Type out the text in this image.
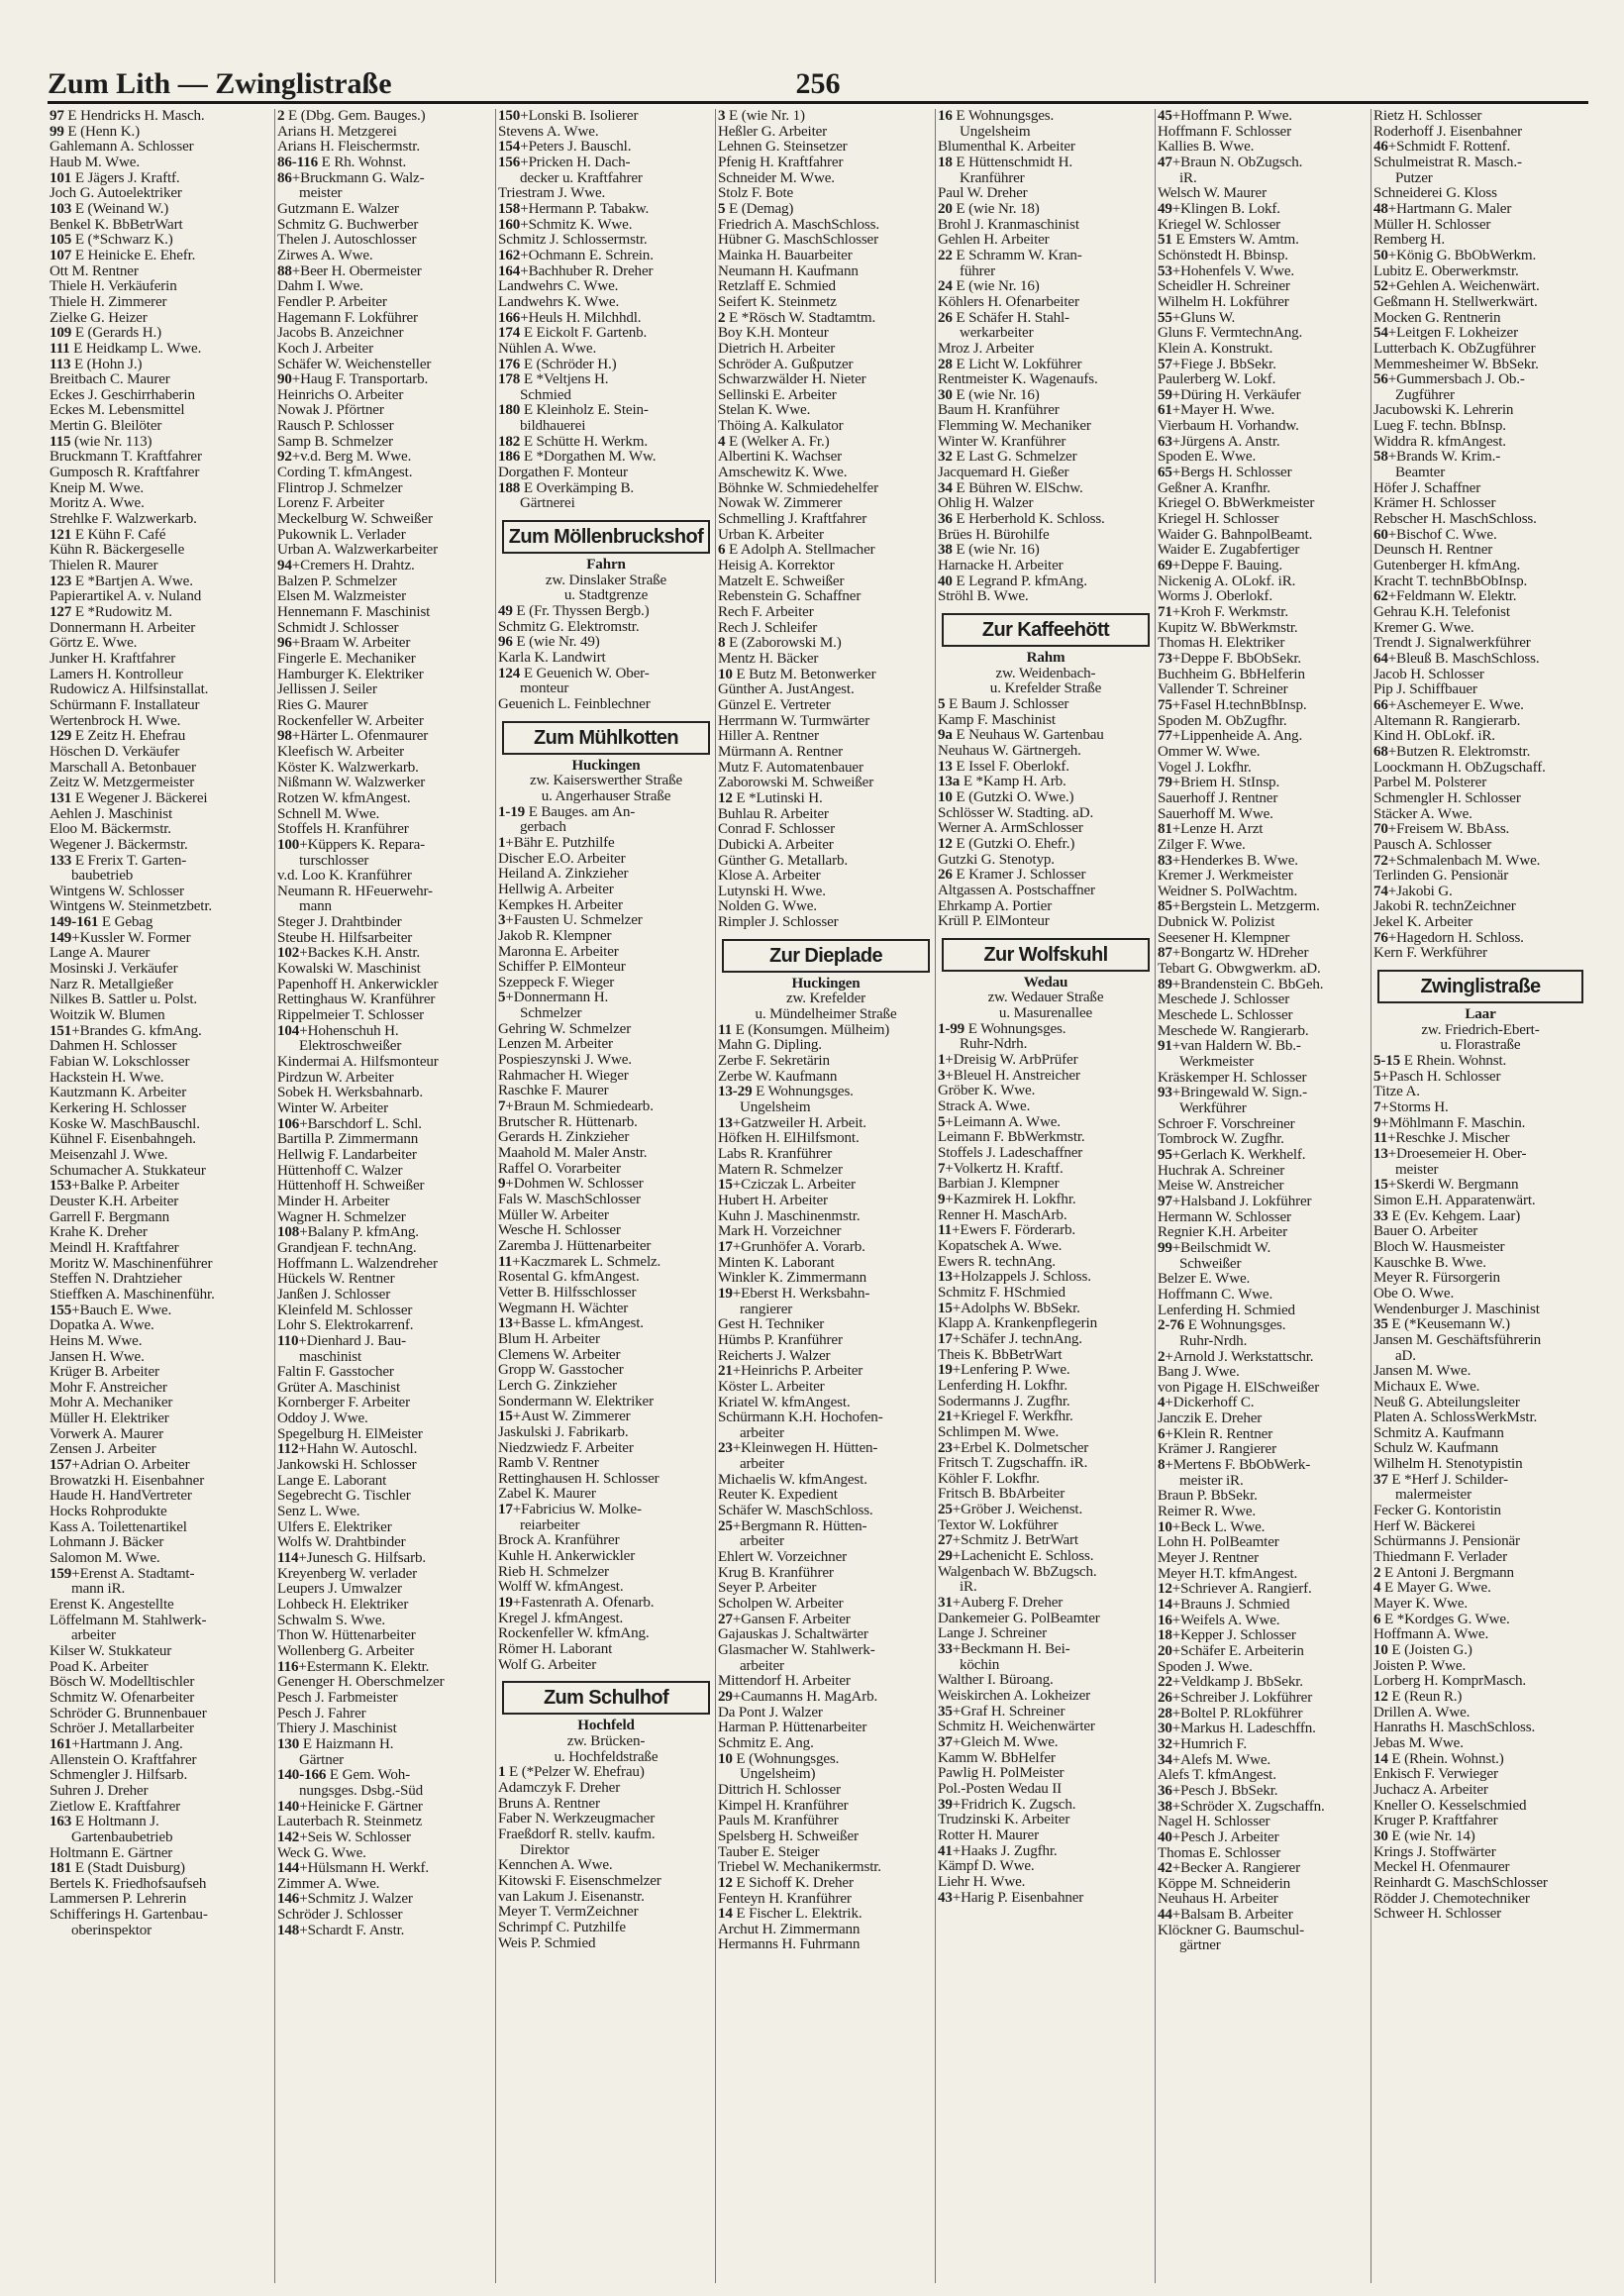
Zum Lith — Zwinglistraße	256
97 E Hendricks H. Masch.
99 E (Henn K.)
Gahlemann A. Schlosser
Haub M. Wwe.
101 E Jägers J. Kraftf.
Joch G. Autoelektriker
103 E (Weinand W.)
Benkel K. BbBetrWart
105 E (*Schwarz K.)
107 E Heinicke E. Ehefr.
Ott M. Rentner
Thiele H. Verkäuferin
Thiele H. Zimmerer
Zielke G. Heizer
109 E (Gerards H.)
111 E Heidkamp L. Wwe.
113 E (Hohn J.)
Breitbach C. Maurer
Eckes J. Geschirrhaberin
Eckes M. Lebensmittel
Mertin G. Bleilöter
115 (wie Nr. 113)
Bruckmann T. Kraftfahrer
Gumposch R. Kraftfahrer
Kneip M. Wwe.
Moritz A. Wwe.
Strehlke F. Walzwerkarb.
121 E Kühn F. Café
Kühn R. Bäckergeselle
Thielen R. Maurer
123 E *Bartjen A. Wwe.
Papierartikel A. v. Nuland
127 E *Rudowitz M.
Donnermann H. Arbeiter
Görtz E. Wwe.
Junker H. Kraftfahrer
Lamers H. Kontrolleur
Rudowicz A. Hilfsinstallat.
Schürmann F. Installateur
Wertenbrock H. Wwe.
129 E Zeitz H. Ehefrau
Höschen D. Verkäufer
Marschall A. Betonbauer
Zeitz W. Metzgermeister
131 E Wegener J. Bäckerei
Aehlen J. Maschinist
Eloo M. Bäckermstr.
Wegener J. Bäckermstr.
133 E Frerix T. Garten-
baubetrieb
Wintgens W. Schlosser
Wintgens W. Steinmetzbetr.
149-161 E Gebag
149+Kussler W. Former
Lange A. Maurer
Mosinski J. Verkäufer
Narz R. Metallgießer
Nilkes B. Sattler u. Polst.
Woitzik W. Blumen
151+Brandes G. kfmAng.
Dahmen H. Schlosser
Fabian W. Lokschlosser
Hackstein H. Wwe.
Kautzmann K. Arbeiter
Kerkering H. Schlosser
Koske W. MaschBauschl.
Kühnel F. Eisenbahngeh.
Meisenzahl J. Wwe.
Schumacher A. Stukkateur
153+Balke P. Arbeiter
Deuster K.H. Arbeiter
Garrell F. Bergmann
Krahe K. Dreher
Meindl H. Kraftfahrer
Moritz W. Maschinenführer
Steffen N. Drahtzieher
Stieffken A. Maschinenführ.
155+Bauch E. Wwe.
Dopatka A. Wwe.
Heins M. Wwe.
Jansen H. Wwe.
Krüger B. Arbeiter
Mohr F. Anstreicher
Mohr A. Mechaniker
Müller H. Elektriker
Vorwerk A. Maurer
Zensen J. Arbeiter
157+Adrian O. Arbeiter
Browatzki H. Eisenbahner
Haude H. HandVertreter
Hocks Rohprodukte
Kass A. Toilettenartikel
Lohmann J. Bäcker
Salomon M. Wwe.
159+Erenst A. Stadtamt-
mann iR.
Erenst K. Angestellte
Löffelmann M. Stahlwerk-
arbeiter
Kilser W. Stukkateur
Poad K. Arbeiter
Bösch W. Modelltischler
Schmitz W. Ofenarbeiter
Schröder G. Brunnenbauer
Schröer J. Metallarbeiter
161+Hartmann J. Ang.
Allenstein O. Kraftfahrer
Schmengler J. Hilfsarb.
Suhren J. Dreher
Zietlow E. Kraftfahrer
163 E Holtmann J.
Gartenbaubetrieb
Holtmann E. Gärtner
181 E (Stadt Duisburg)
Bertels K. Friedhofsaufseh
Lammersen P. Lehrerin
Schifferings H. Gartenbau-
oberinspektor
2 E (Dbg. Gem. Bauges.)
Arians H. Metzgerei
Arians H. Fleischermstr.
86-116 E Rh. Wohnst.
86+Bruckmann G. Walz-
meister
Gutzmann E. Walzer
Schmitz G. Buchwerber
Thelen J. Autoschlosser
Zirwes A. Wwe.
88+Beer H. Obermeister
Dahm I. Wwe.
Fendler P. Arbeiter
Hagemann F. Lokführer
Jacobs B. Anzeichner
Koch J. Arbeiter
Schäfer W. Weichensteller
90+Haug F. Transportarb.
Heinrichs O. Arbeiter
Nowak J. Pförtner
Rausch P. Schlosser
Samp B. Schmelzer
92+v.d. Berg M. Wwe.
Cording T. kfmAngest.
Flintrop J. Schmelzer
Lorenz F. Arbeiter
Meckelburg W. Schweißer
Pukownik L. Verlader
Urban A. Walzwerkarbeiter
94+Cremers H. Drahtz.
Balzen P. Schmelzer
Elsen M. Walzmeister
Hennemann F. Maschinist
Schmidt J. Schlosser
96+Braam W. Arbeiter
Fingerle E. Mechaniker
Hamburger K. Elektriker
Jellissen J. Seiler
Ries G. Maurer
Rockenfeller W. Arbeiter
98+Härter L. Ofenmaurer
Kleefisch W. Arbeiter
Köster K. Walzwerkarb.
Nißmann W. Walzwerker
Rotzen W. kfmAngest.
Schnell M. Wwe.
Stoffels H. Kranführer
100+Küppers K. Repara-
turschlosser
v.d. Loo K. Kranführer
Neumann R. HFeuerwehr-
mann
Steger J. Drahtbinder
Steube H. Hilfsarbeiter
102+Backes K.H. Anstr.
Kowalski W. Maschinist
Papenhoff H. Ankerwickler
Rettinghaus W. Kranführer
Rippelmeier T. Schlosser
104+Hohenschuh H.
Elektroschweißer
Kindermai A. Hilfsmonteur
Pirdzun W. Arbeiter
Sobek H. Werksbahnarb.
Winter W. Arbeiter
106+Barschdorf L. Schl.
Bartilla P. Zimmermann
Hellwig F. Landarbeiter
Hüttenhoff C. Walzer
Hüttenhoff H. Schweißer
Minder H. Arbeiter
Wagner H. Schmelzer
108+Balany P. kfmAng.
Grandjean F. technAng.
Hoffmann L. Walzendreher
Hückels W. Rentner
Janßen J. Schlosser
Kleinfeld M. Schlosser
Lohr S. Elektrokarrenf.
110+Dienhard J. Bau-
maschinist
Faltin F. Gasstocher
Grüter A. Maschinist
Kornberger F. Arbeiter
Oddoy J. Wwe.
Spegelburg H. ElMeister
112+Hahn W. Autoschl.
Jankowski H. Schlosser
Lange E. Laborant
Segebrecht G. Tischler
Senz L. Wwe.
Ulfers E. Elektriker
Wolfs W. Drahtbinder
114+Junesch G. Hilfsarb.
Kreyenberg W. verlader
Leupers J. Umwalzer
Lohbeck H. Elektriker
Schwalm S. Wwe.
Thon W. Hüttenarbeiter
Wollenberg G. Arbeiter
116+Estermann K. Elektr.
Genenger H. Oberschmelzer
Pesch J. Farbmeister
Pesch J. Fahrer
Thiery J. Maschinist
130 E Haizmann H.
Gärtner
140-166 E Gem. Woh-
nungsges. Dsbg.-Süd
140+Heinicke F. Gärtner
Lauterbach R. Steinmetz
142+Seis W. Schlosser
Weck G. Wwe.
144+Hülsmann H. Werkf.
Zimmer A. Wwe.
146+Schmitz J. Walzer
Schröder J. Schlosser
148+Schardt F. Anstr.
150+Lonski B. Isolierer
Stevens A. Wwe.
154+Peters J. Bauschl.
156+Pricken H. Dach-
decker u. Kraftfahrer
Triestram J. Wwe.
158+Hermann P. Tabakw.
160+Schmitz K. Wwe.
Schmitz J. Schlossermstr.
162+Ochmann E. Schrein.
164+Bachhuber R. Dreher
Landwehrs C. Wwe.
Landwehrs K. Wwe.
166+Heuls H. Milchhdl.
174 E Eickolt F. Gartenb.
Nühlen A. Wwe.
176 E (Schröder H.)
178 E *Veltjens H.
Schmied
180 E Kleinholz E. Stein-
bildhauerei
182 E Schütte H. Werkm.
186 E *Dorgathen M. Ww.
Dorgathen F. Monteur
188 E Overkämping B.
Gärtnerei
Zum Möllenbruckshof
Fahrn
zw. Dinslaker Straße
u. Stadtgrenze
49 E (Fr. Thyssen Bergb.)
Schmitz G. Elektromstr.
96 E (wie Nr. 49)
Karla K. Landwirt
124 E Geuenich W. Ober-
monteur
Geuenich L. Feinblechner
Zum Mühlkotten
Huckingen
zw. Kaiserswerther Straße
u. Angerhauser Straße
1-19 E Bauges. am An-
gerbach
1+Bähr E. Putzhilfe
Discher E.O. Arbeiter
Heiland A. Zinkzieher
Hellwig A. Arbeiter
Kempkes H. Arbeiter
3+Fausten U. Schmelzer
Jakob R. Klempner
Maronna E. Arbeiter
Schiffer P. ElMonteur
Szeppeck F. Wieger
5+Donnermann H.
Schmelzer
Gehring W. Schmelzer
Lenzen M. Arbeiter
Pospieszynski J. Wwe.
Rahmacher H. Wieger
Raschke F. Maurer
7+Braun M. Schmiedearb.
Brutscher R. Hüttenarb.
Gerards H. Zinkzieher
Maahold M. Maler Anstr.
Raffel O. Vorarbeiter
9+Dohmen W. Schlosser
Fals W. MaschSchlosser
Müller W. Arbeiter
Wesche H. Schlosser
Zaremba J. Hüttenarbeiter
11+Kaczmarek L. Schmelz.
Rosental G. kfmAngest.
Vetter B. Hilfsschlosser
Wegmann H. Wächter
13+Basse L. kfmAngest.
Blum H. Arbeiter
Clemens W. Arbeiter
Gropp W. Gasstocher
Lerch G. Zinkzieher
Sondermann W. Elektriker
15+Aust W. Zimmerer
Jaskulski J. Fabrikarb.
Niedzwiedz F. Arbeiter
Ramb V. Rentner
Rettinghausen H. Schlosser
Zabel K. Maurer
17+Fabricius W. Molke-
reiarbeiter
Brock A. Kranführer
Kuhle H. Ankerwickler
Rieb H. Schmelzer
Wolff W. kfmAngest.
19+Fastenrath A. Ofenarb.
Kregel J. kfmAngest.
Rockenfeller W. kfmAng.
Römer H. Laborant
Wolf G. Arbeiter
Zum Schulhof
Hochfeld
zw. Brücken-
u. Hochfeldstraße
1 E (*Pelzer W. Ehefrau)
Adamczyk F. Dreher
Bruns A. Rentner
Faber N. Werkzeugmacher
Fraeßdorf R. stellv. kaufm.
Direktor
Kennchen A. Wwe.
Kitowski F. Eisenschmelzer
van Lakum J. Eisenanstr.
Meyer T. VermZeichner
Schrimpf C. Putzhilfe
Weis P. Schmied
3 E (wie Nr. 1)
Heßler G. Arbeiter
Lehnen G. Steinsetzer
Pfenig H. Kraftfahrer
Schneider M. Wwe.
Stolz F. Bote
5 E (Demag)
Friedrich A. MaschSchloss.
Hübner G. MaschSchlosser
Mainka H. Bauarbeiter
Neumann H. Kaufmann
Retzlaff E. Schmied
Seifert K. Steinmetz
2 E *Rösch W. Stadtamtm.
Boy K.H. Monteur
Dietrich H. Arbeiter
Schröder A. Gußputzer
Schwarzwälder H. Nieter
Sellinski E. Arbeiter
Stelan K. Wwe.
Thöing A. Kalkulator
4 E (Welker A. Fr.)
Albertini K. Wachser
Amschewitz K. Wwe.
Böhnke W. Schmiedehelfer
Nowak W. Zimmerer
Schmelling J. Kraftfahrer
Urban K. Arbeiter
6 E Adolph A. Stellmacher
Heisig A. Korrektor
Matzelt E. Schweißer
Rebenstein G. Schaffner
Rech F. Arbeiter
Rech J. Schleifer
8 E (Zaborowski M.)
Mentz H. Bäcker
10 E Butz M. Betonwerker
Günther A. JustAngest.
Günzel E. Vertreter
Herrmann W. Turmwärter
Hiller A. Rentner
Mürmann A. Rentner
Mutz F. Automatenbauer
Zaborowski M. Schweißer
12 E *Lutinski H.
Buhlau R. Arbeiter
Conrad F. Schlosser
Dubicki A. Arbeiter
Günther G. Metallarb.
Klose A. Arbeiter
Lutynski H. Wwe.
Nolden G. Wwe.
Rimpler J. Schlosser
Zur Dieplade
Huckingen
zw. Krefelder
u. Mündelheimer Straße
11 E (Konsumgen. Mülheim)
Mahn G. Dipling.
Zerbe F. Sekretärin
Zerbe W. Kaufmann
13-29 E Wohnungsges.
Ungelsheim
13+Gatzweiler H. Arbeit.
Höfken H. ElHilfsmont.
Labs R. Kranführer
Matern R. Schmelzer
15+Cziczak L. Arbeiter
Hubert H. Arbeiter
Kuhn J. Maschinenmstr.
Mark H. Vorzeichner
17+Grunhöfer A. Vorarb.
Minten K. Laborant
Winkler K. Zimmermann
19+Eberst H. Werksbahn-
rangierer
Gest H. Techniker
Hümbs P. Kranführer
Reicherts J. Walzer
21+Heinrichs P. Arbeiter
Köster L. Arbeiter
Kriatel W. kfmAngest.
Schürmann K.H. Hochofen-
arbeiter
23+Kleinwegen H. Hütten-
arbeiter
Michaelis W. kfmAngest.
Reuter K. Expedient
Schäfer W. MaschSchloss.
25+Bergmann R. Hütten-
arbeiter
Ehlert W. Vorzeichner
Krug B. Kranführer
Seyer P. Arbeiter
Scholpen W. Arbeiter
27+Gansen F. Arbeiter
Gajauskas J. Schaltwärter
Glasmacher W. Stahlwerk-
arbeiter
Mittendorf H. Arbeiter
29+Caumanns H. MagArb.
Da Pont J. Walzer
Harman P. Hüttenarbeiter
Schmitz E. Ang.
10 E (Wohnungsges.
Ungelsheim)
Dittrich H. Schlosser
Kimpel H. Kranführer
Pauls M. Kranführer
Spelsberg H. Schweißer
Tauber E. Steiger
Triebel W. Mechanikermstr.
12 E Sichoff K. Dreher
Fenteyn H. Kranführer
14 E Fischer L. Elektrik.
Archut H. Zimmermann
Hermanns H. Fuhrmann
16 E Wohnungsges.
Ungelsheim
Blumenthal K. Arbeiter
18 E Hüttenschmidt H.
Kranführer
Paul W. Dreher
20 E (wie Nr. 18)
Brohl J. Kranmaschinist
Gehlen H. Arbeiter
22 E Schramm W. Kran-
führer
24 E (wie Nr. 16)
Köhlers H. Ofenarbeiter
26 E Schäfer H. Stahl-
werkarbeiter
Mroz J. Arbeiter
28 E Licht W. Lokführer
Rentmeister K. Wagenaufs.
30 E (wie Nr. 16)
Baum H. Kranführer
Flemming W. Mechaniker
Winter W. Kranführer
32 E Last G. Schmelzer
Jacquemard H. Gießer
34 E Bühren W. ElSchw.
Ohlig H. Walzer
36 E Herberhold K. Schloss.
Brües H. Bürohilfe
38 E (wie Nr. 16)
Harnacke H. Arbeiter
40 E Legrand P. kfmAng.
Ströhl B. Wwe.
Zur Kaffeehött
Rahm
zw. Weidenbach-
u. Krefelder Straße
5 E Baum J. Schlosser
Kamp F. Maschinist
9a E Neuhaus W. Gartenbau
Neuhaus W. Gärtnergeh.
13 E Issel F. Oberlokf.
13a E *Kamp H. Arb.
10 E (Gutzki O. Wwe.)
Schlösser W. Stadting. aD.
Werner A. ArmSchlosser
12 E (Gutzki O. Ehefr.)
Gutzki G. Stenotyp.
26 E Kramer J. Schlosser
Altgassen A. Postschaffner
Ehrkamp A. Portier
Krüll P. ElMonteur
Zur Wolfskuhl
Wedau
zw. Wedauer Straße
u. Masurenallee
1-99 E Wohnungsges.
Ruhr-Ndrh.
1+Dreisig W. ArbPrüfer
3+Bleuel H. Anstreicher
Gröber K. Wwe.
Strack A. Wwe.
5+Leimann A. Wwe.
Leimann F. BbWerkmstr.
Stoffels J. Ladeschaffner
7+Volkertz H. Kraftf.
Barbian J. Klempner
9+Kazmirek H. Lokfhr.
Renner H. MaschArb.
11+Ewers F. Förderarb.
Kopatschek A. Wwe.
Ewers R. technAng.
13+Holzappels J. Schloss.
Schmitz F. HSchmied
15+Adolphs W. BbSekr.
Klapp A. Krankenpflegerin
17+Schäfer J. technAng.
Theis K. BbBetrWart
19+Lenfering P. Wwe.
Lenferding H. Lokfhr.
Sodermanns J. Zugfhr.
21+Kriegel F. Werkfhr.
Schlimpen M. Wwe.
23+Erbel K. Dolmetscher
Fritsch T. Zugschaffn. iR.
Köhler F. Lokfhr.
Fritsch B. BbArbeiter
25+Gröber J. Weichenst.
Textor W. Lokführer
27+Schmitz J. BetrWart
29+Lachenicht E. Schloss.
Walgenbach W. BbZugsch.
iR.
31+Auberg F. Dreher
Dankemeier G. PolBeamter
Lange J. Schreiner
33+Beckmann H. Bei-
köchin
Walther I. Büroang.
Weiskirchen A. Lokheizer
35+Graf H. Schreiner
Schmitz H. Weichenwärter
37+Gleich M. Wwe.
Kamm W. BbHelfer
Pawlig H. PolMeister
Pol.-Posten Wedau II
39+Fridrich K. Zugsch.
Trudzinski K. Arbeiter
Rotter H. Maurer
41+Haaks J. Zugfhr.
Kämpf D. Wwe.
Liehr H. Wwe.
43+Harig P. Eisenbahner
45+Hoffmann P. Wwe.
Hoffmann F. Schlosser
Kallies B. Wwe.
47+Braun N. ObZugsch.
iR.
Welsch W. Maurer
49+Klingen B. Lokf.
Kriegel W. Schlosser
51 E Emsters W. Amtm.
Schönstedt H. Bbinsp.
53+Hohenfels V. Wwe.
Scheidler H. Schreiner
Wilhelm H. Lokführer
55+Gluns W.
Gluns F. VermtechnAng.
Klein A. Konstrukt.
57+Fiege J. BbSekr.
Paulerberg W. Lokf.
59+Düring H. Verkäufer
61+Mayer H. Wwe.
Vierbaum H. Vorhandw.
63+Jürgens A. Anstr.
Spoden E. Wwe.
65+Bergs H. Schlosser
Geßner A. Kranfhr.
Kriegel O. BbWerkmeister
Kriegel H. Schlosser
Waider G. BahnpolBeamt.
Waider E. Zugabfertiger
69+Deppe F. Bauing.
Nickenig A. OLokf. iR.
Worms J. Oberlokf.
71+Kroh F. Werkmstr.
Kupitz W. BbWerkmstr.
Thomas H. Elektriker
73+Deppe F. BbObSekr.
Buchheim G. BbHelferin
Vallender T. Schreiner
75+Fasel H.technBbInsp.
Spoden M. ObZugfhr.
77+Lippenheide A. Ang.
Ommer W. Wwe.
Vogel J. Lokfhr.
79+Briem H. StInsp.
Sauerhoff J. Rentner
Sauerhoff M. Wwe.
81+Lenze H. Arzt
Zilger F. Wwe.
83+Henderkes B. Wwe.
Kremer J. Werkmeister
Weidner S. PolWachtm.
85+Bergstein L. Metzgerm.
Dubnick W. Polizist
Seesener H. Klempner
87+Bongartz W. HDreher
Tebart G. Obwgwerkm. aD.
89+Brandenstein C. BbGeh.
Meschede J. Schlosser
Meschede L. Schlosser
Meschede W. Rangierarb.
91+van Haldern W. Bb.-
Werkmeister
Kräskemper H. Schlosser
93+Bringewald W. Sign.-
Werkführer
Schroer F. Vorschreiner
Tombrock W. Zugfhr.
95+Gerlach K. Werkhelf.
Huchrak A. Schreiner
Meise W. Anstreicher
97+Halsband J. Lokführer
Hermann W. Schlosser
Regnier K.H. Arbeiter
99+Beilschmidt W.
Schweißer
Belzer E. Wwe.
Hoffmann C. Wwe.
Lenferding H. Schmied
2-76 E Wohnungsges.
Ruhr-Nrdh.
2+Arnold J. Werkstattschr.
Bang J. Wwe.
von Pigage H. ElSchweißer
4+Dickerhoff C.
Janczik E. Dreher
6+Klein R. Rentner
Krämer J. Rangierer
8+Mertens F. BbObWerk-
meister iR.
Braun P. BbSekr.
Reimer R. Wwe.
10+Beck L. Wwe.
Lohn H. PolBeamter
Meyer J. Rentner
Meyer H.T. kfmAngest.
12+Schriever A. Rangierf.
14+Brauns J. Schmied
16+Weifels A. Wwe.
18+Kepper J. Schlosser
20+Schäfer E. Arbeiterin
Spoden J. Wwe.
22+Veldkamp J. BbSekr.
26+Schreiber J. Lokführer
28+Boltel P. RLokführer
30+Markus H. Ladeschffn.
32+Humrich F.
34+Alefs M. Wwe.
Alefs T. kfmAngest.
36+Pesch J. BbSekr.
38+Schröder X. Zugschaffn.
Nagel H. Schlosser
40+Pesch J. Arbeiter
Thomas E. Schlosser
42+Becker A. Rangierer
Köppe M. Schneiderin
Neuhaus H. Arbeiter
44+Balsam B. Arbeiter
Klöckner G. Baumschul-
gärtner
Rietz H. Schlosser
Roderhoff J. Eisenbahner
46+Schmidt F. Rottenf.
Schulmeistrat R. Masch.-
Putzer
Schneiderei G. Kloss
48+Hartmann G. Maler
Müller H. Schlosser
Remberg H.
50+König G. BbObWerkm.
Lubitz E. Oberwerkmstr.
52+Gehlen A. Weichenwärt.
Geßmann H. Stellwerkwärt.
Mocken G. Rentnerin
54+Leitgen F. Lokheizer
Lutterbach K. ObZugführer
Memmesheimer W. BbSekr.
56+Gummersbach J. Ob.-
Zugführer
Jacubowski K. Lehrerin
Lueg F. techn. BbInsp.
Widdra R. kfmAngest.
58+Brands W. Krim.-
Beamter
Höfer J. Schaffner
Krämer H. Schlosser
Rebscher H. MaschSchloss.
60+Bischof C. Wwe.
Deunsch H. Rentner
Gutenberger H. kfmAng.
Kracht T. technBbObInsp.
62+Feldmann W. Elektr.
Gehrau K.H. Telefonist
Kremer G. Wwe.
Trendt J. Signalwerkführer
64+Bleuß B. MaschSchloss.
Jacob H. Schlosser
Pip J. Schiffbauer
66+Aschemeyer E. Wwe.
Altemann R. Rangierarb.
Kind H. ObLokf. iR.
68+Butzen R. Elektromstr.
Loockmann H. ObZugschaff.
Parbel M. Polsterer
Schmengler H. Schlosser
Stäcker A. Wwe.
70+Freisem W. BbAss.
Pausch A. Schlosser
72+Schmalenbach M. Wwe.
Terlinden G. Pensionär
74+Jakobi G.
Jakobi R. technZeichner
Jekel K. Arbeiter
76+Hagedorn H. Schloss.
Kern F. Werkführer
Zwinglistraße
Laar
zw. Friedrich-Ebert-
u. Florastraße
5-15 E Rhein. Wohnst.
5+Pasch H. Schlosser
Titze A.
7+Storms H.
9+Möhlmann F. Maschin.
11+Reschke J. Mischer
13+Droesemeier H. Ober-
meister
15+Skerdi W. Bergmann
Simon E.H. Apparatenwärt.
33 E (Ev. Kehgem. Laar)
Bauer O. Arbeiter
Bloch W. Hausmeister
Kauschke B. Wwe.
Meyer R. Fürsorgerin
Obe O. Wwe.
Wendenburger J. Maschinist
35 E (*Keusemann W.)
Jansen M. Geschäftsführerin
aD.
Jansen M. Wwe.
Michaux E. Wwe.
Neuß G. Abteilungsleiter
Platen A. SchlossWerkMstr.
Schmitz A. Kaufmann
Schulz W. Kaufmann
Wilhelm H. Stenotypistin
37 E *Herf J. Schilder-
malermeister
Fecker G. Kontoristin
Herf W. Bäckerei
Schürmanns J. Pensionär
Thiedmann F. Verlader
2 E Antoni J. Bergmann
4 E Mayer G. Wwe.
Mayer K. Wwe.
6 E *Kordges G. Wwe.
Hoffmann A. Wwe.
10 E (Joisten G.)
Joisten P. Wwe.
Lorberg H. KomprMasch.
12 E (Reun R.)
Drillen A. Wwe.
Hanraths H. MaschSchloss.
Jebas M. Wwe.
14 E (Rhein. Wohnst.)
Enkisch F. Verwieger
Juchacz A. Arbeiter
Kneller O. Kesselschmied
Kruger P. Kraftfahrer
30 E (wie Nr. 14)
Krings J. Stoffwärter
Meckel H. Ofenmaurer
Reinhardt G. MaschSchlosser
Rödder J. Chemotechniker
Schweer H. Schlosser
